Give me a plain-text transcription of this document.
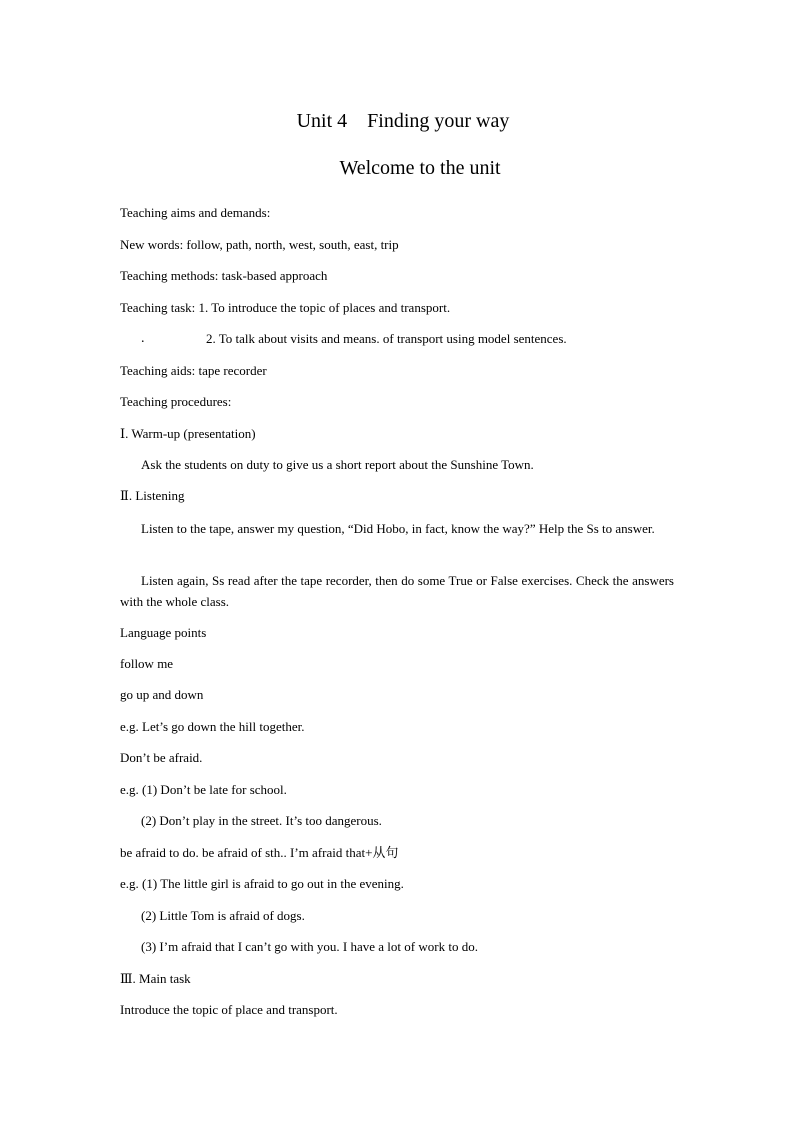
Unit 4　Finding your way
Welcome to the unit
Teaching aims and demands:
New words: follow, path, north, west, south, east, trip
Teaching methods: task-based approach
Teaching task: 1. To introduce the topic of places and transport.
.	2. To talk about visits and means. of transport using model sentences.
Teaching aids: tape recorder
Teaching procedures:
Ⅰ. Warm-up (presentation)
Ask the students on duty to give us a short report about the Sunshine Town.
Ⅱ. Listening
Listen to the tape, answer my question, “Did Hobo, in fact, know the way?” Help the Ss to answer.
Listen again, Ss read after the tape recorder, then do some True or False exercises. Check the answers with the whole class.
Language points
follow me
go up and down
e.g. Let’s go down the hill together.
Don’t be afraid.
e.g. (1) Don’t be late for school.
(2) Don’t play in the street. It’s too dangerous.
be afraid to do. be afraid of sth.. I’m afraid that+从句
e.g. (1) The little girl is afraid to go out in the evening.
(2) Little Tom is afraid of dogs.
(3) I’m afraid that I can’t go with you. I have a lot of work to do.
Ⅲ. Main task
Introduce the topic of place and transport.
